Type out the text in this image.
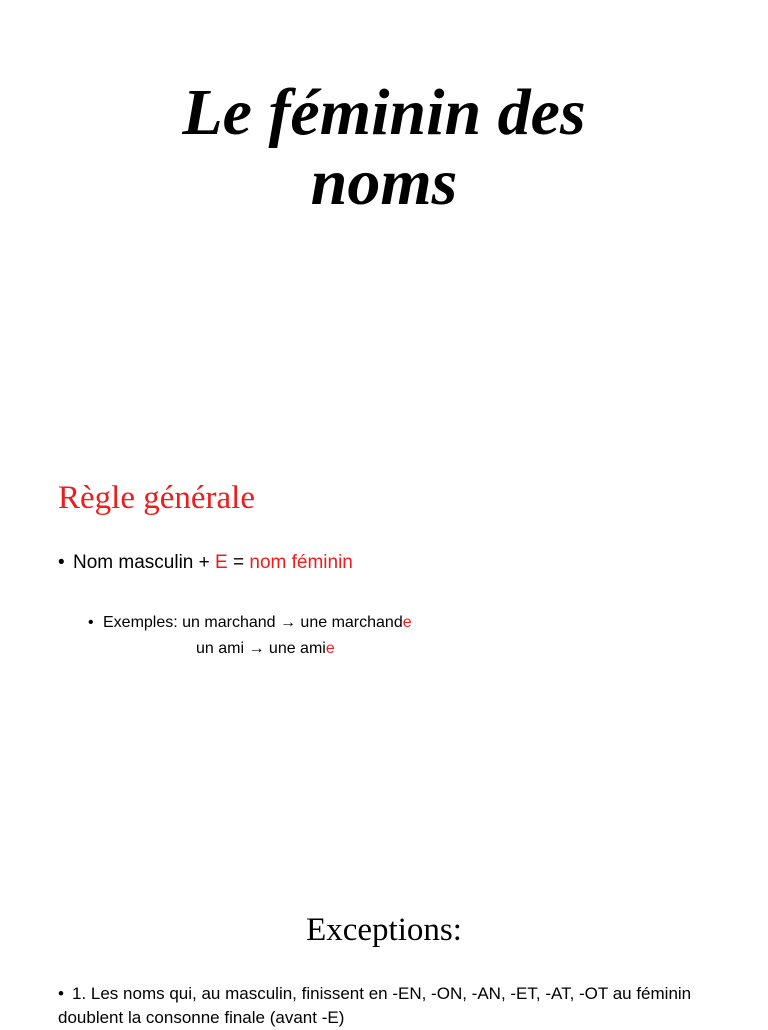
Le féminin des
noms
Règle générale
• Nom masculin + E = nom féminin
• Exemples: un marchand → une marchande
un ami → une amie
Exceptions:
• 1. Les noms qui, au masculin, finissent en -EN, -ON, -AN, -ET, -AT, -OT au féminin doublent la consonne finale (avant -E)
